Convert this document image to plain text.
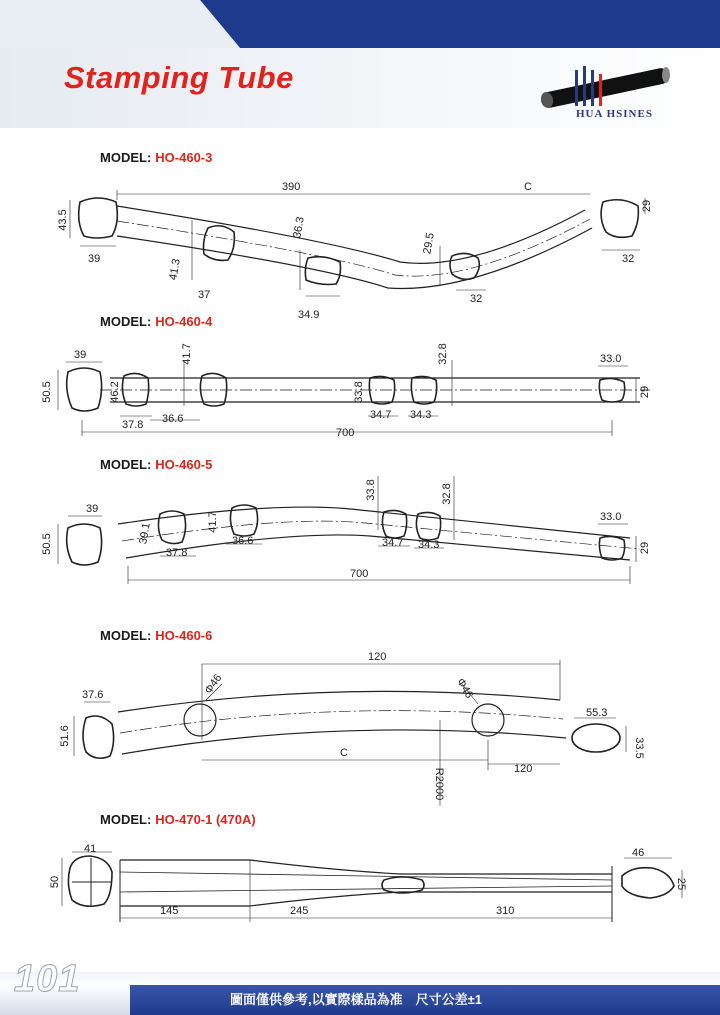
Stamping Tube
HUA HSINES
MODEL: HO-460-3
MODEL: HO-460-4
MODEL: HO-460-5
MODEL: HO-460-6
MODEL: HO-470-1 (470A)
43.5
39
390	C
29
32
41.3
37
36.3
34.9
29.5
32
39
50.5	46.2
37.8
41.7
36.6
32.8
33.8
34.7 34.3
33.0
29
700
39
50.5	39.1
37.8
41.7
36.6
33.8
34.7
32.8
34.3
33.0
29
700
120
37.6
51.6
Φ46	Φ46
55.3
33.5
C
120
R2000
41
50
145	245	310
46
25
101	圖面僅供參考,以實際樣品為准　尺寸公差±1
